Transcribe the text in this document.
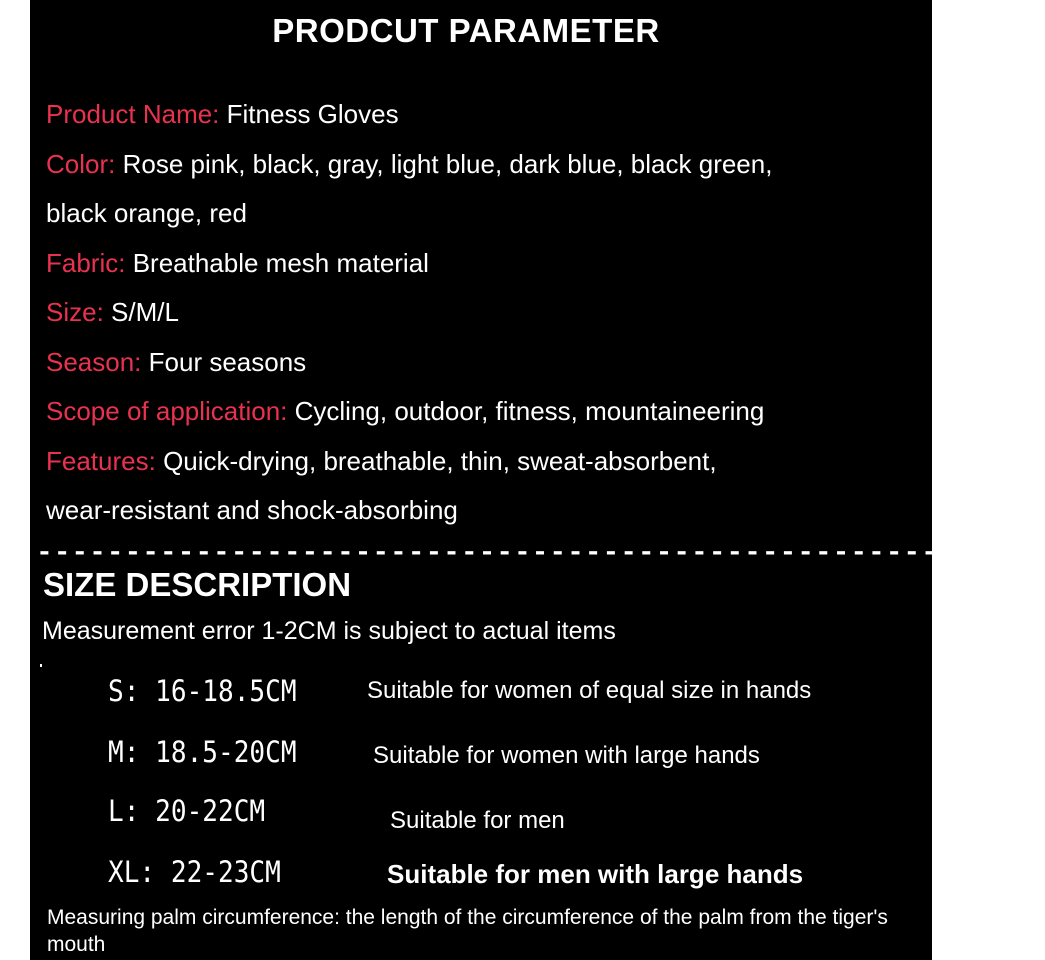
PRODCUT PARAMETER
Product Name: Fitness Gloves
Color: Rose pink, black, gray, light blue, dark blue, black green,
black orange, red
Fabric: Breathable mesh material
Size: S/M/L
Season: Four seasons
Scope of application: Cycling, outdoor, fitness, mountaineering
Features: Quick-drying, breathable, thin, sweat-absorbent,
wear-resistant and shock-absorbing
---------------------------------------------------------
SIZE DESCRIPTION
Measurement error 1-2CM is subject to actual items
S: 16-18.5CM	Suitable for women of equal size in hands
M: 18.5-20CM	Suitable for women with large hands
L: 20-22CM	Suitable for men
XL: 22-23CM	Suitable for men with large hands
Measuring palm circumference: the length of the circumference of the palm from the tiger's mouth
